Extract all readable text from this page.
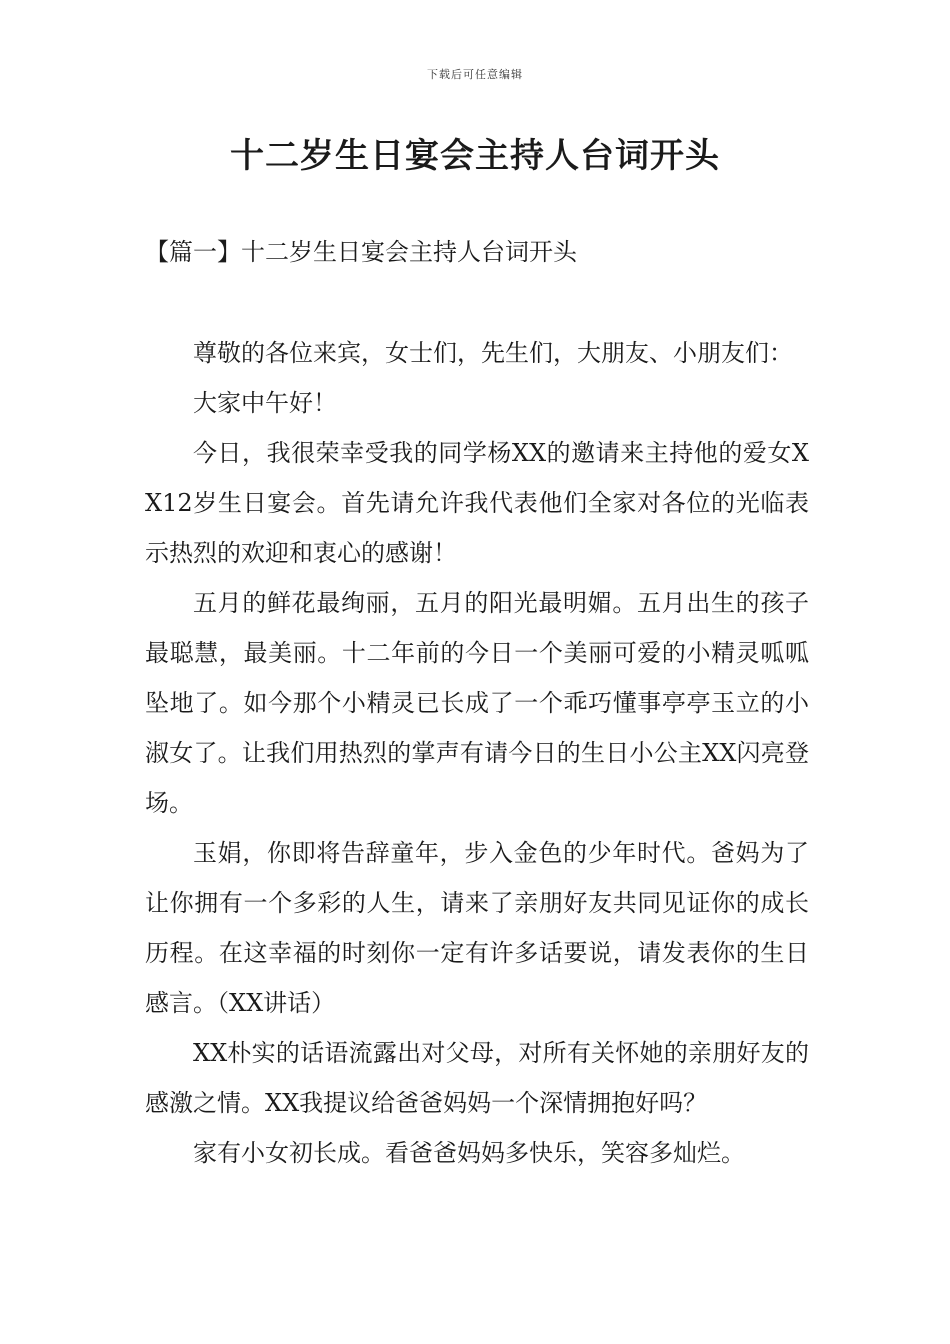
下载后可任意编辑
十二岁生日宴会主持人台词开头
【篇一】十二岁生日宴会主持人台词开头

尊敬的各位来宾，女士们，先生们，大朋友、小朋友们：

大家中午好！

今日，我很荣幸受我的同学杨XX的邀请来主持他的爱女XX12岁生日宴会。首先请允许我代表他们全家对各位的光临表示热烈的欢迎和衷心的感谢！

五月的鲜花最绚丽，五月的阳光最明媚。五月出生的孩子最聪慧，最美丽。十二年前的今日一个美丽可爱的小精灵呱呱坠地了。如今那个小精灵已长成了一个乖巧懂事亭亭玉立的小淑女了。让我们用热烈的掌声有请今日的生日小公主XX闪亮登场。

玉娟，你即将告辞童年，步入金色的少年时代。爸妈为了让你拥有一个多彩的人生，请来了亲朋好友共同见证你的成长历程。在这幸福的时刻你一定有许多话要说，请发表你的生日感言。（XX讲话）

XX朴实的话语流露出对父母，对所有关怀她的亲朋好友的感激之情。XX我提议给爸爸妈妈一个深情拥抱好吗？

家有小女初长成。看爸爸妈妈多快乐，笑容多灿烂。
